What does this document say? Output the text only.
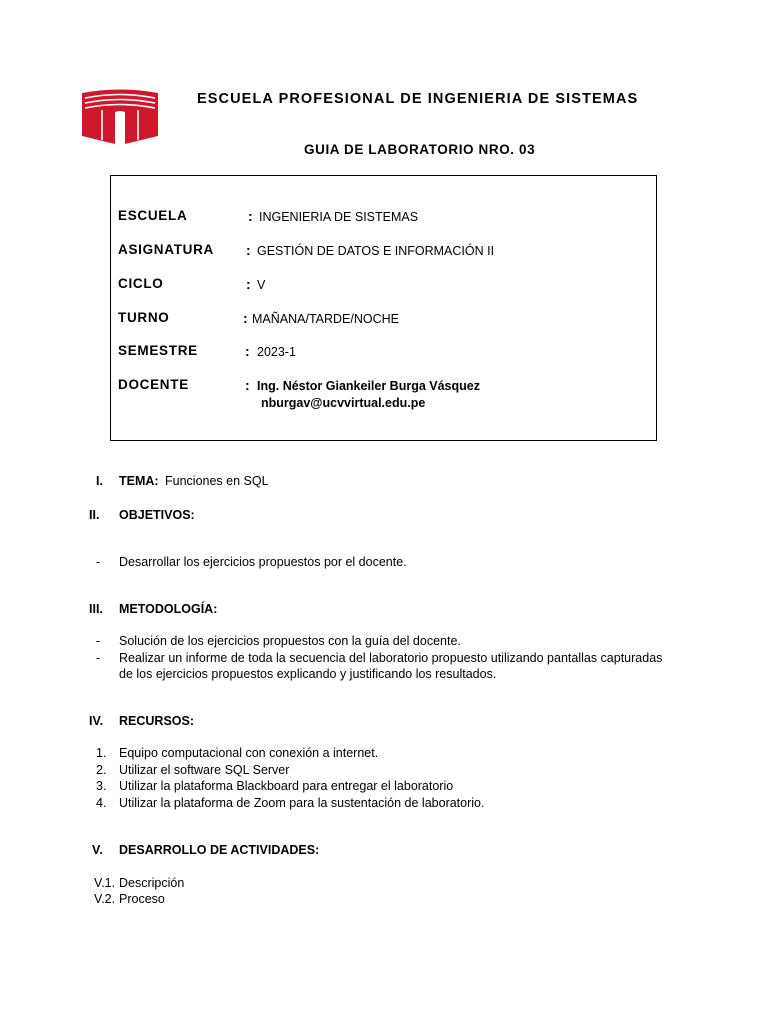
ESCUELA PROFESIONAL DE INGENIERIA DE SISTEMAS
GUIA DE LABORATORIO NRO. 03
ESCUELA	: INGENIERIA DE SISTEMAS
ASIGNATURA : GESTIÓN DE DATOS E INFORMACIÓN II
CICLO	: V
TURNO	: MAÑANA/TARDE/NOCHE
SEMESTRE	: 2023-1
DOCENTE	: Ing. Néstor Giankeiler Burga Vásquez
nburgav@ucvvirtual.edu.pe
I. TEMA: Funciones en SQL
II. OBJETIVOS:
- Desarrollar los ejercicios propuestos por el docente.
III. METODOLOGÍA:
- Solución de los ejercicios propuestos con la guía del docente.
- Realizar un informe de toda la secuencia del laboratorio propuesto utilizando pantallas capturadas
de los ejercicios propuestos explicando y justificando los resultados.
IV. RECURSOS:
1. Equipo computacional con conexión a internet.
2. Utilizar el software SQL Server
3. Utilizar la plataforma Blackboard para entregar el laboratorio
4. Utilizar la plataforma de Zoom para la sustentación de laboratorio.
V. DESARROLLO DE ACTIVIDADES:
V.1. Descripción
V.2. Proceso
